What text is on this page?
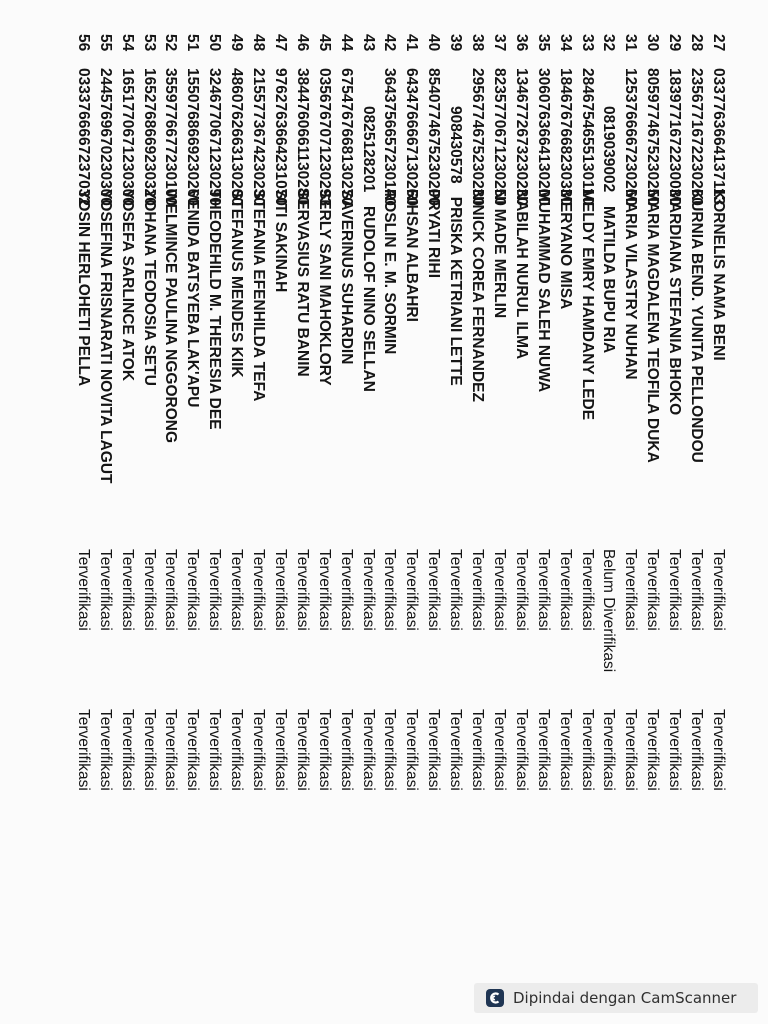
27
0337763664137113
KORNELIS NAMA BENI
Terverifikasi
Terverifikasi
28
2356771672230260
KURNIA BEND. YUNITA PELLONDOU
Terverifikasi
Terverifikasi
29
1839771672230030
MARDIANA STEFANIA BHOKO
Terverifikasi
Terverifikasi
30
8059774675230250
MARIA MAGDALENA TEOFILA DUKA
Terverifikasi
Terverifikasi
31
1253766667230260
MARIA VILASTRY NUHAN
Terverifikasi
Terverifikasi
32
0819039002
MATILDA BUPU RIA
Belum Diverifikasi
Terverifikasi
33
2846754655130110
MELDY EMRY HAMDANY LEDE
Terverifikasi
Terverifikasi
34
1846767668230330
MERYANO MISA
Terverifikasi
Terverifikasi
35
3060763664130200
MUHAMMAD SALEH NUWA
Terverifikasi
Terverifikasi
36
1346772673230230
NABILAH NURUL ILMA
Terverifikasi
Terverifikasi
37
8235770671230250
NI MADE MERLIN
Terverifikasi
Terverifikasi
38
2956774675230230
NINICK COREA FERNANDEZ
Terverifikasi
Terverifikasi
39
908430578
PRISKA KETRIANI LETTE
Terverifikasi
Terverifikasi
40
8540774675230200
PRYATI RIHI
Terverifikasi
Terverifikasi
41
6434766667130260
RIHSAN ALBAHRI
Terverifikasi
Terverifikasi
42
3643756657230140
ROSLIN E. M. SORMIN
Terverifikasi
Terverifikasi
43
0825128201
RUDOLOF NINO SELLAN
Terverifikasi
Terverifikasi
44
6754767668130270
SAVERINUS SUHARDIN
Terverifikasi
Terverifikasi
45
0356767071230293
SERLY SANI MAHOKLORY
Terverifikasi
Terverifikasi
46
3844760661130280
SERVASIUS RATU BANIN
Terverifikasi
Terverifikasi
47
9762763664231070
SITI SAKINAH
Terverifikasi
Terverifikasi
48
2155773674230230
STEFANIA EFENHILDA TEFA
Terverifikasi
Terverifikasi
49
4860762663130200
STEFANUS MENDES KIIK
Terverifikasi
Terverifikasi
50
3246770671230290
THEODEHILD M. THERESIA DEE
Terverifikasi
Terverifikasi
51
1550768669230260
VENIDA BATSYEBA LAK'APU
Terverifikasi
Terverifikasi
52
3559776677230100
WELMINCE PAULINA NGGORONG
Terverifikasi
Terverifikasi
53
1652768669230320
YOHANA TEODOSIA SETU
Terverifikasi
Terverifikasi
54
1651770671230300
YOSEFA SARLINCE ATOK
Terverifikasi
Terverifikasi
55
2445769670230300
YOSEFINA FRISNARATI NOVITA LAGUT
Terverifikasi
Terverifikasi
56
0333766667237032
YOSIN HERLOHETI PELLA
Terverifikasi
Terverifikasi
Dipindai dengan CamScanner
